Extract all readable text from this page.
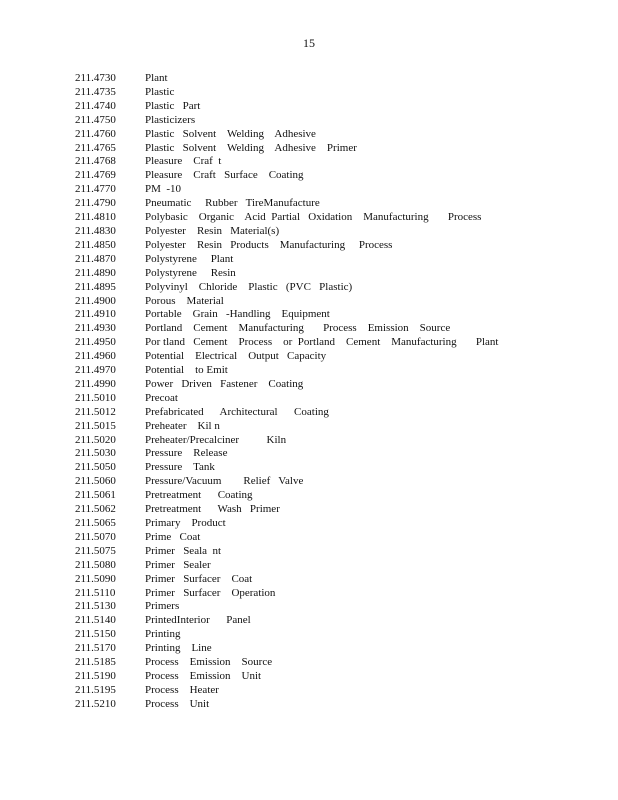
15
211.4730	Plant
211.4735	Plastic
211.4740	Plastic   Part
211.4750	Plasticizers
211.4760	Plastic   Solvent    Welding    Adhesive
211.4765	Plastic   Solvent    Welding    Adhesive    Primer
211.4768	Pleasure    Craf  t
211.4769	Pleasure    Craft   Surface    Coating
211.4770	PM  -10
211.4790	Pneumatic     Rubber   TireManufacture
211.4810	Polybasic    Organic    Acid  Partial   Oxidation    Manufacturing       Process
211.4830	Polyester    Resin   Material(s)
211.4850	Polyester    Resin   Products    Manufacturing     Process
211.4870	Polystyrene     Plant
211.4890	Polystyrene     Resin
211.4895	Polyvinyl    Chloride    Plastic   (PVC   Plastic)
211.4900	Porous    Material
211.4910	Portable    Grain   -Handling    Equipment
211.4930	Portland    Cement    Manufacturing       Process    Emission    Source
211.4950	Por tland   Cement    Process    or  Portland    Cement    Manufacturing       Plant
211.4960	Potential    Electrical    Output   Capacity
211.4970	Potential    to Emit
211.4990	Power   Driven   Fastener    Coating
211.5010	Precoat
211.5012	Prefabricated      Architectural      Coating
211.5015	Preheater    Kil n
211.5020	Preheater/Precalciner          Kiln
211.5030	Pressure    Release
211.5050	Pressure    Tank
211.5060	Pressure/Vacuum        Relief   Valve
211.5061	Pretreatment      Coating
211.5062	Pretreatment      Wash   Primer
211.5065	Primary    Product
211.5070	Prime   Coat
211.5075	Primer   Seala  nt
211.5080	Primer   Sealer
211.5090	Primer   Surfacer    Coat
211.5110	Primer   Surfacer    Operation
211.5130	Primers
211.5140	PrintedInterior      Panel
211.5150	Printing
211.5170	Printing    Line
211.5185	Process    Emission    Source
211.5190	Process    Emission    Unit
211.5195	Process    Heater
211.5210	Process    Unit
